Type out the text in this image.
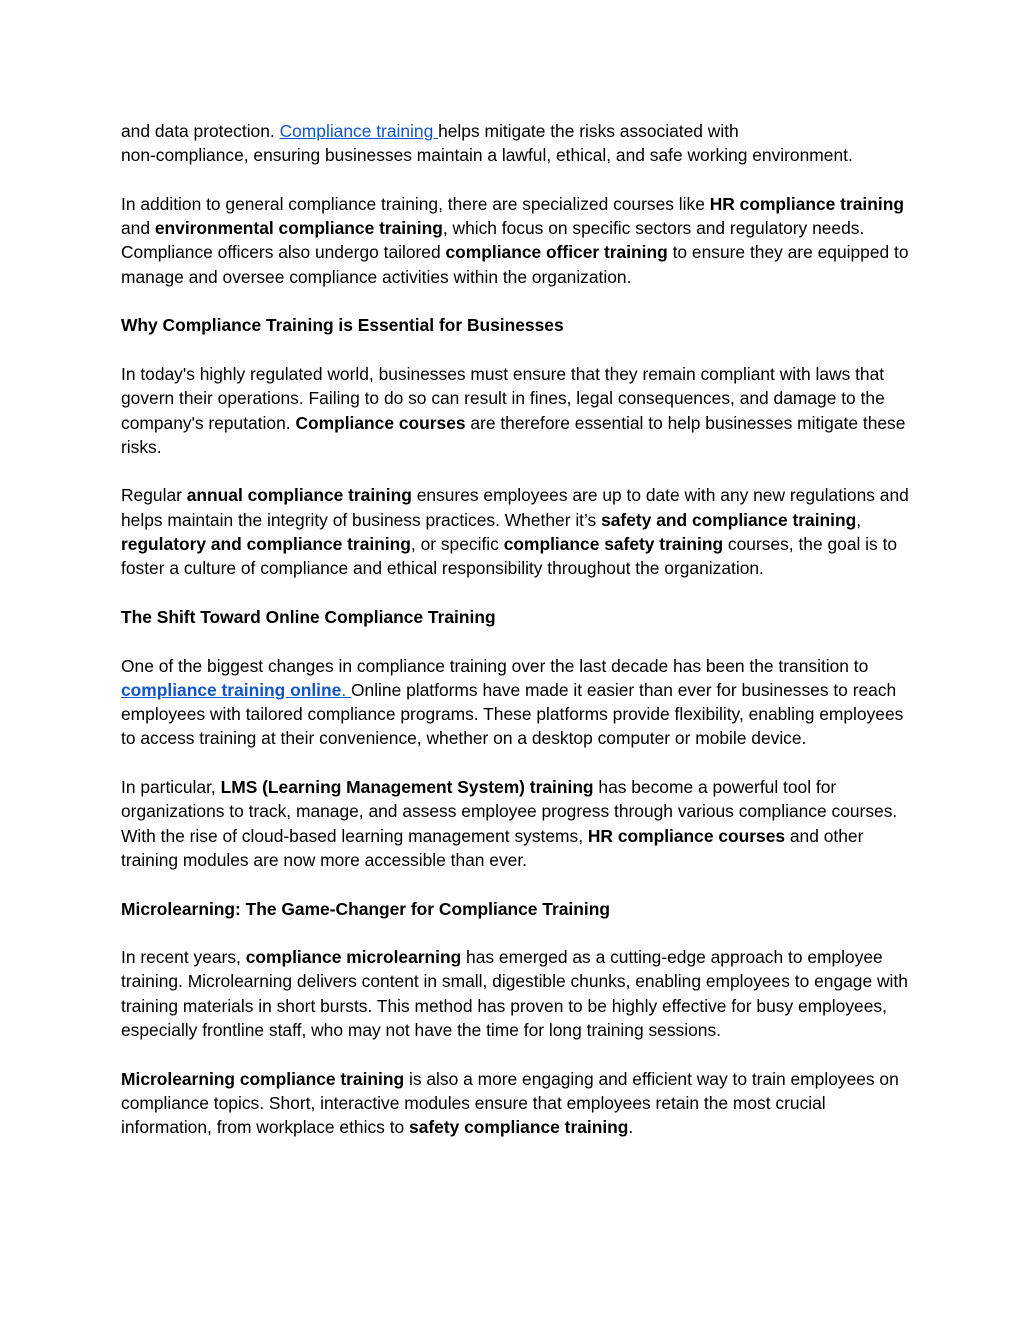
and data protection. Compliance training helps mitigate the risks associated with
non-compliance, ensuring businesses maintain a lawful, ethical, and safe working environment.

In addition to general compliance training, there are specialized courses like HR compliance training and environmental compliance training, which focus on specific sectors and regulatory needs. Compliance officers also undergo tailored compliance officer training to ensure they are equipped to manage and oversee compliance activities within the organization.

Why Compliance Training is Essential for Businesses

In today's highly regulated world, businesses must ensure that they remain compliant with laws that govern their operations. Failing to do so can result in fines, legal consequences, and damage to the company's reputation. Compliance courses are therefore essential to help businesses mitigate these risks.

Regular annual compliance training ensures employees are up to date with any new regulations and helps maintain the integrity of business practices. Whether it’s safety and compliance training, regulatory and compliance training, or specific compliance safety training courses, the goal is to foster a culture of compliance and ethical responsibility throughout the organization.

The Shift Toward Online Compliance Training

One of the biggest changes in compliance training over the last decade has been the transition to compliance training online. Online platforms have made it easier than ever for businesses to reach employees with tailored compliance programs. These platforms provide flexibility, enabling employees to access training at their convenience, whether on a desktop computer or mobile device.

In particular, LMS (Learning Management System) training has become a powerful tool for organizations to track, manage, and assess employee progress through various compliance courses. With the rise of cloud-based learning management systems, HR compliance courses and other training modules are now more accessible than ever.

Microlearning: The Game-Changer for Compliance Training

In recent years, compliance microlearning has emerged as a cutting-edge approach to employee training. Microlearning delivers content in small, digestible chunks, enabling employees to engage with training materials in short bursts. This method has proven to be highly effective for busy employees, especially frontline staff, who may not have the time for long training sessions.

Microlearning compliance training is also a more engaging and efficient way to train employees on compliance topics. Short, interactive modules ensure that employees retain the most crucial information, from workplace ethics to safety compliance training.
